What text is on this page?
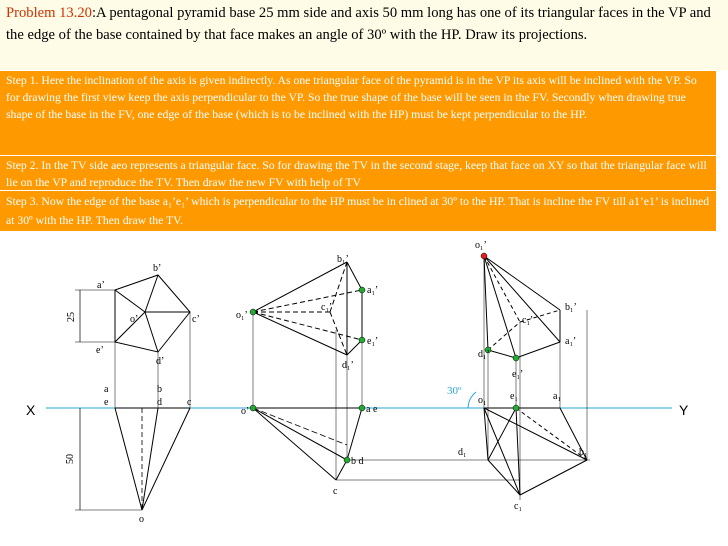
Problem 13.20:A pentagonal pyramid base 25 mm side and axis 50 mm long has one of its triangular faces in the VP and the edge of the base contained by that face makes an angle of 30º with the HP. Draw its projections.
Step 1. Here the inclination of the axis is given indirectly. As one triangular face of the pyramid is in the VP its axis will be inclined with the VP. So for drawing the first view keep the axis perpendicular to the VP. So the true shape of the base will be seen in the FV. Secondly when drawing true shape of the base in the FV, one edge of the base (which is to be inclined with the HP) must be kept perpendicular to the HP.
Step 2. In the TV side aeo represents a triangular face. So for drawing the TV in the second stage, keep that face on XY so that the triangular face will lie on the VP and reproduce the TV. Then draw the new FV with help of TV
Step 3. Now the edge of the base a₁’e₁’ which is perpendicular to the HP must be in clined at 30º to the HP. That is incline the FV till a1’e1’ is inclined at 30º with the HP. Then draw the TV.
X	Y
b’
a’
o’	c’
e’
d’
25
a
e
b
d	c
o
50
o₁’
b₁’
a₁’
c₁’
e₁’
d₁’
o’	a e
b d
c
30º
o₁’
b₁’
c₁’
a₁’
d₁’
e₁’
o₁ e₁	a₁
d₁	b₁
c₁
